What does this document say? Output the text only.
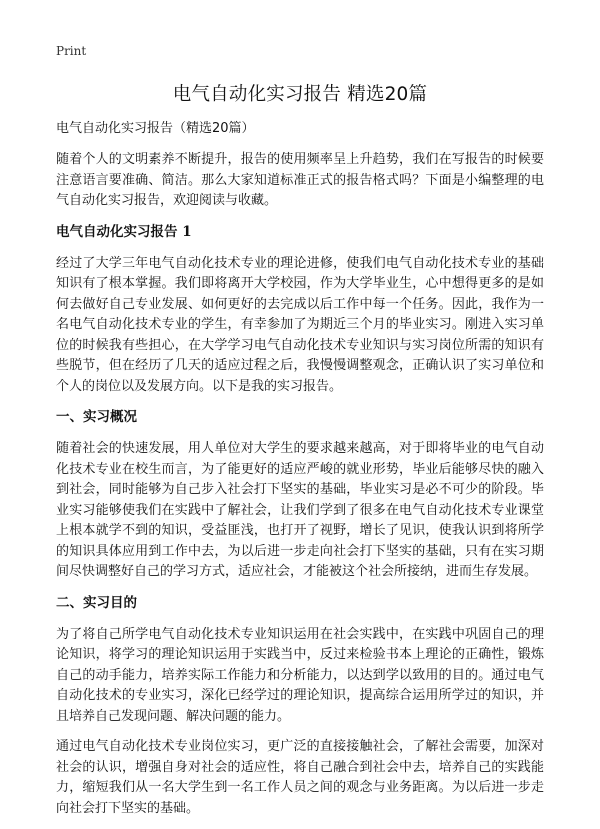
Print
电气自动化实习报告 精选20篇
电气自动化实习报告（精选20篇）

随着个人的文明素养不断提升，报告的使用频率呈上升趋势，我们在写报告的时候要注意语言要准确、简洁。那么大家知道标准正式的报告格式吗？下面是小编整理的电气自动化实习报告，欢迎阅读与收藏。

电气自动化实习报告 1

经过了大学三年电气自动化技术专业的理论进修，使我们电气自动化技术专业的基础知识有了根本掌握。我们即将离开大学校园，作为大学毕业生，心中想得更多的是如何去做好自己专业发展、如何更好的去完成以后工作中每一个任务。因此，我作为一名电气自动化技术专业的学生，有幸参加了为期近三个月的毕业实习。刚进入实习单位的时候我有些担心，在大学学习电气自动化技术专业知识与实习岗位所需的知识有些脱节，但在经历了几天的适应过程之后，我慢慢调整观念，正确认识了实习单位和个人的岗位以及发展方向。以下是我的实习报告。

一、实习概况

随着社会的快速发展，用人单位对大学生的要求越来越高，对于即将毕业的电气自动化技术专业在校生而言，为了能更好的适应严峻的就业形势，毕业后能够尽快的融入到社会，同时能够为自己步入社会打下坚实的基础，毕业实习是必不可少的阶段。毕业实习能够使我们在实践中了解社会，让我们学到了很多在电气自动化技术专业课堂上根本就学不到的知识，受益匪浅，也打开了视野，增长了见识，使我认识到将所学的知识具体应用到工作中去，为以后进一步走向社会打下坚实的基础，只有在实习期间尽快调整好自己的学习方式，适应社会，才能被这个社会所接纳，进而生存发展。

二、实习目的

为了将自己所学电气自动化技术专业知识运用在社会实践中，在实践中巩固自己的理论知识，将学习的理论知识运用于实践当中，反过来检验书本上理论的正确性，锻炼自己的动手能力，培养实际工作能力和分析能力，以达到学以致用的目的。通过电气自动化技术的专业实习，深化已经学过的理论知识，提高综合运用所学过的知识，并且培养自己发现问题、解决问题的能力。

通过电气自动化技术专业岗位实习，更广泛的直接接触社会，了解社会需要，加深对社会的认识，增强自身对社会的适应性，将自己融合到社会中去，培养自己的实践能力，缩短我们从一名大学生到一名工作人员之间的观念与业务距离。为以后进一步走向社会打下坚实的基础。
